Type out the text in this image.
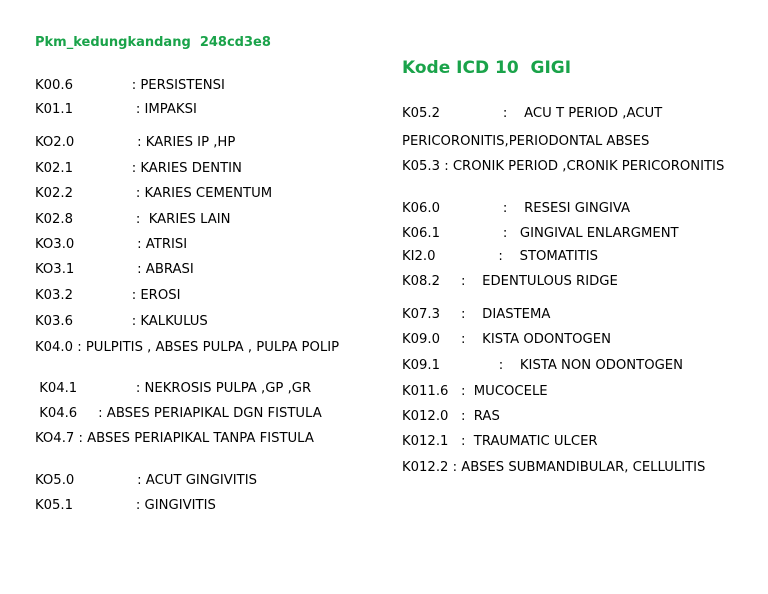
Pkm_kedungkandang  248cd3e8
Kode ICD 10  GIGI
K00.6              : PERSISTENSI
K01.1               : IMPAKSI
KO2.0               : KARIES IP ,HP
K02.1              : KARIES DENTIN
K02.2               : KARIES CEMENTUM
K02.8               :  KARIES LAIN
KO3.0               : ATRISI
KO3.1               : ABRASI
K03.2              : EROSI
K03.6              : KALKULUS
K04.0 : PULPITIS , ABSES PULPA , PULPA POLIP
K04.1              : NEKROSIS PULPA ,GP ,GR
K04.6     : ABSES PERIAPIKAL DGN FISTULA
KO4.7 : ABSES PERIAPIKAL TANPA FISTULA
KO5.0               : ACUT GINGIVITIS
K05.1               : GINGIVITIS
K05.2               :    ACU T PERIOD ,ACUT
PERICORONITIS,PERIODONTAL ABSES
K05.3 : CRONIK PERIOD ,CRONIK PERICORONITIS
K06.0               :    RESESI GINGIVA
K06.1               :   GINGIVAL ENLARGMENT
KI2.0               :    STOMATITIS
K08.2     :    EDENTULOUS RIDGE
K07.3     :    DIASTEMA
K09.0     :    KISTA ODONTOGEN
K09.1              :    KISTA NON ODONTOGEN
K011.6   :  MUCOCELE
K012.0   :  RAS
K012.1   :  TRAUMATIC ULCER
K012.2 : ABSES SUBMANDIBULAR, CELLULITIS
